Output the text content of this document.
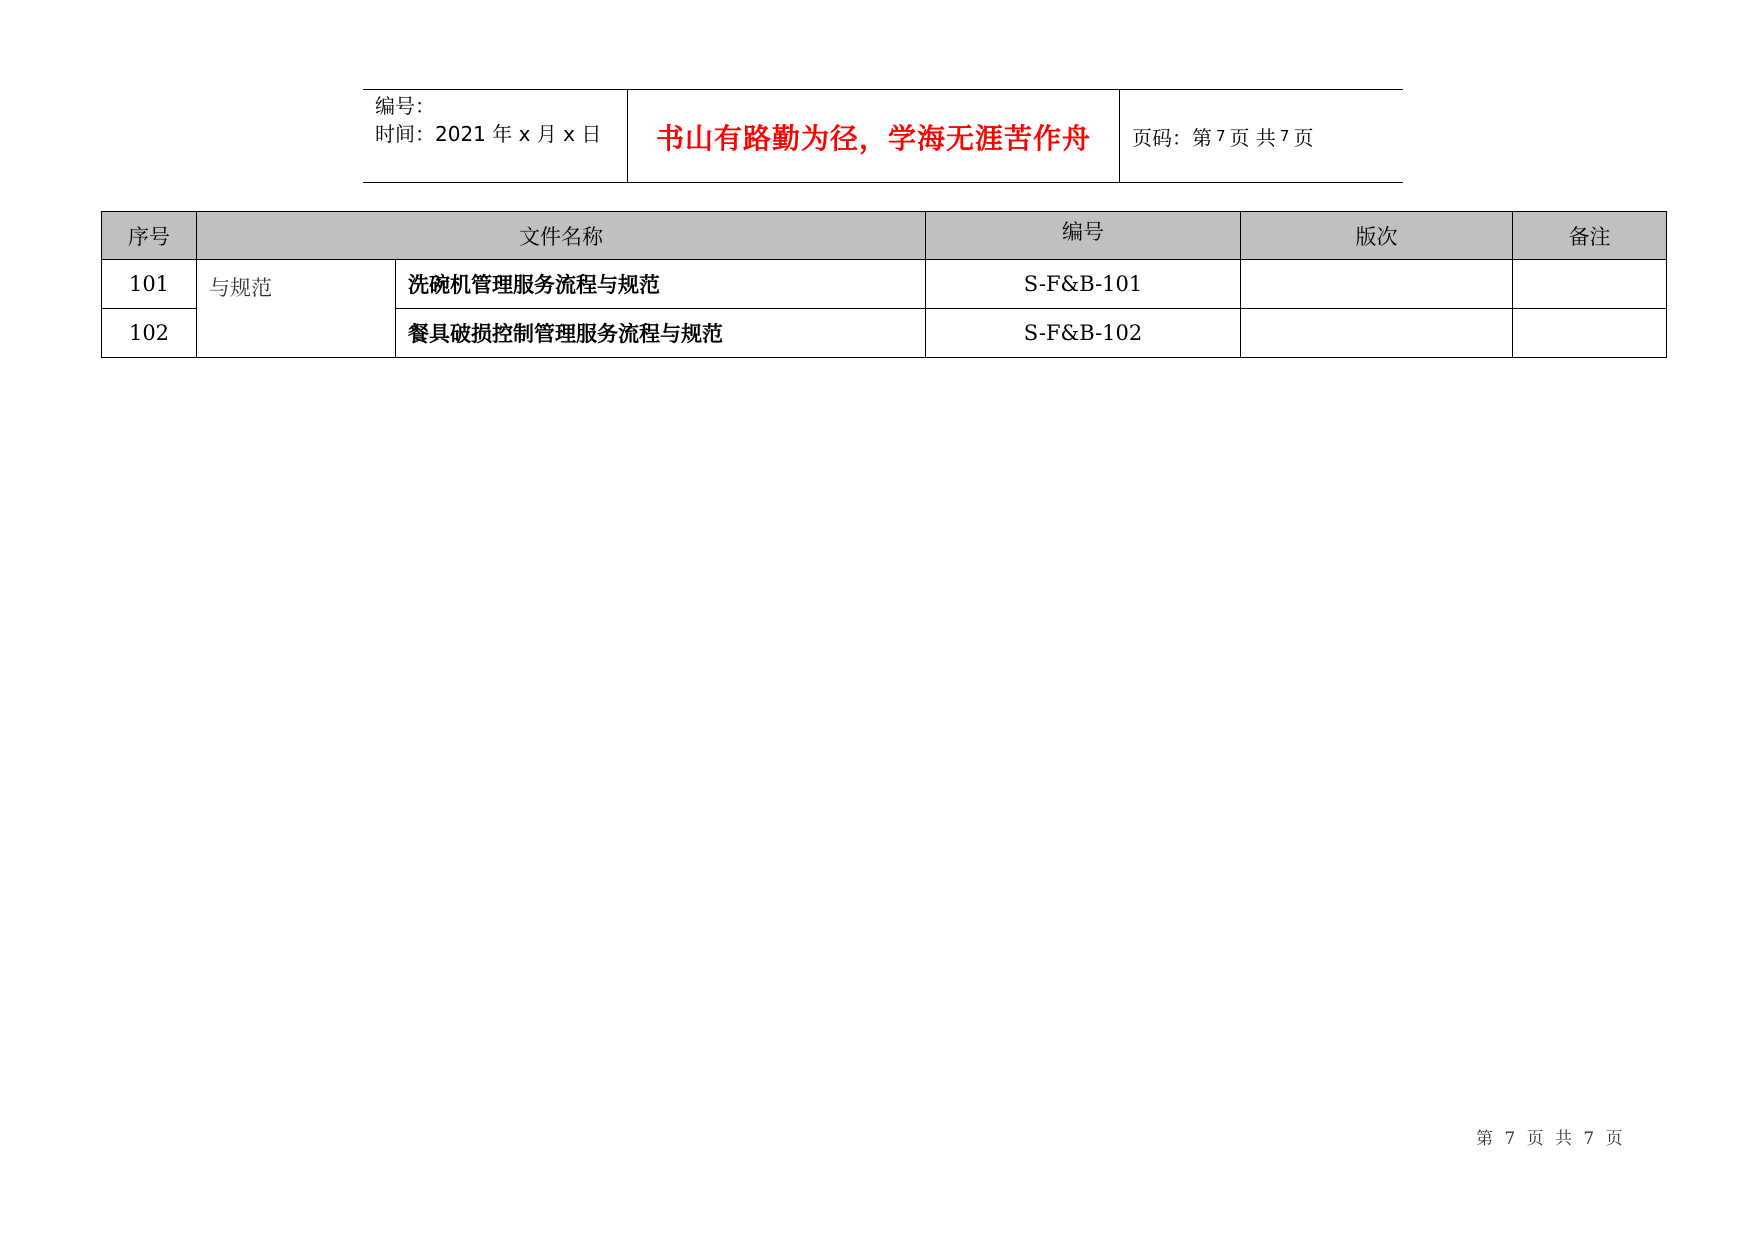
编号：
时间：2021 年 x 月 x 日	书山有路勤为径，学海无涯苦作舟	页码：第 7 页 共 7 页
序号	文件名称		编号	版次	备注
101	与规范	洗碗机管理服务流程与规范	S-F&B-101		
102		餐具破损控制管理服务流程与规范	S-F&B-102		
第 7 页 共 7 页
